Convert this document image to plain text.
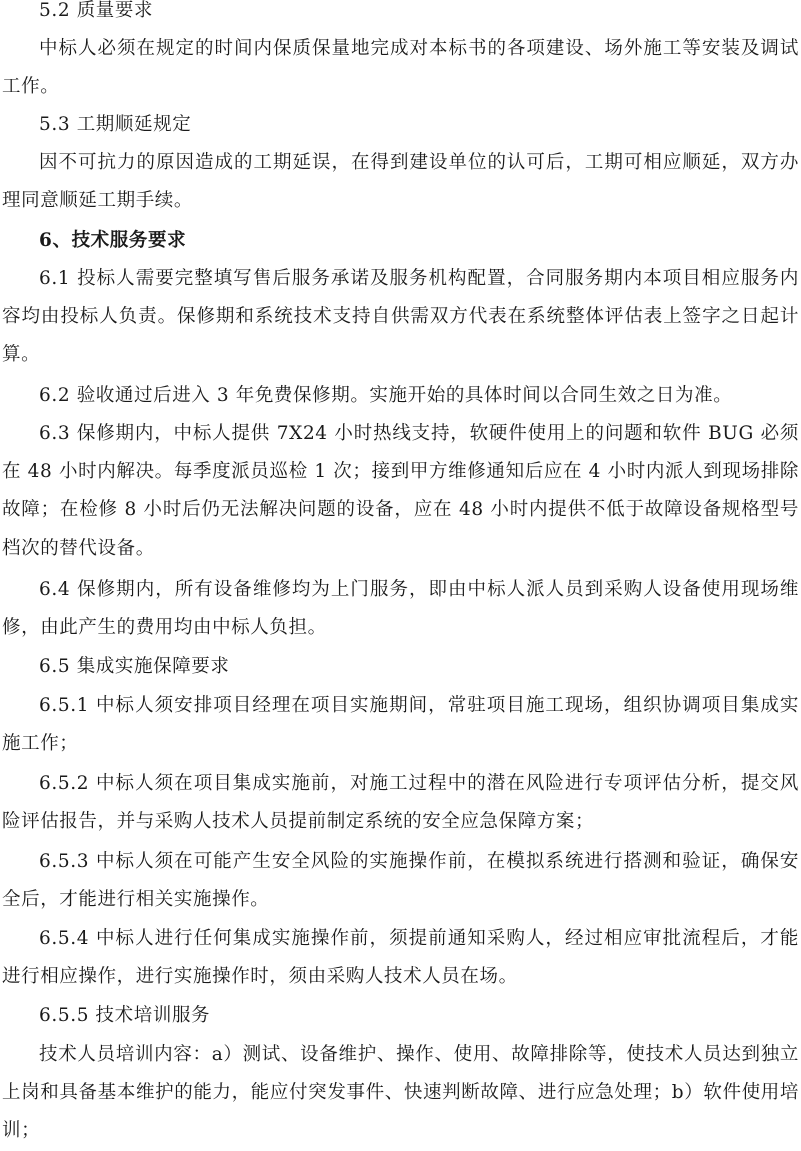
5.2 质量要求

中标人必须在规定的时间内保质保量地完成对本标书的各项建设、场外施工等安装及调试工作。

5.3 工期顺延规定

因不可抗力的原因造成的工期延误，在得到建设单位的认可后，工期可相应顺延，双方办理同意顺延工期手续。

6、技术服务要求

6.1 投标人需要完整填写售后服务承诺及服务机构配置，合同服务期内本项目相应服务内容均由投标人负责。保修期和系统技术支持自供需双方代表在系统整体评估表上签字之日起计算。

6.2 验收通过后进入 3 年免费保修期。实施开始的具体时间以合同生效之日为准。

6.3 保修期内，中标人提供 7X24 小时热线支持，软硬件使用上的问题和软件 BUG 必须在 48 小时内解决。每季度派员巡检 1 次；接到甲方维修通知后应在 4 小时内派人到现场排除故障；在检修 8 小时后仍无法解决问题的设备，应在 48 小时内提供不低于故障设备规格型号档次的替代设备。

6.4 保修期内，所有设备维修均为上门服务，即由中标人派人员到采购人设备使用现场维修，由此产生的费用均由中标人负担。

6.5 集成实施保障要求

6.5.1 中标人须安排项目经理在项目实施期间，常驻项目施工现场，组织协调项目集成实施工作；

6.5.2 中标人须在项目集成实施前，对施工过程中的潜在风险进行专项评估分析，提交风险评估报告，并与采购人技术人员提前制定系统的安全应急保障方案；

6.5.3 中标人须在可能产生安全风险的实施操作前，在模拟系统进行搭测和验证，确保安全后，才能进行相关实施操作。

6.5.4 中标人进行任何集成实施操作前，须提前通知采购人，经过相应审批流程后，才能进行相应操作，进行实施操作时，须由采购人技术人员在场。

6.5.5 技术培训服务

技术人员培训内容：a）测试、设备维护、操作、使用、故障排除等，使技术人员达到独立上岗和具备基本维护的能力，能应付突发事件、快速判断故障、进行应急处理；b）软件使用培训；
